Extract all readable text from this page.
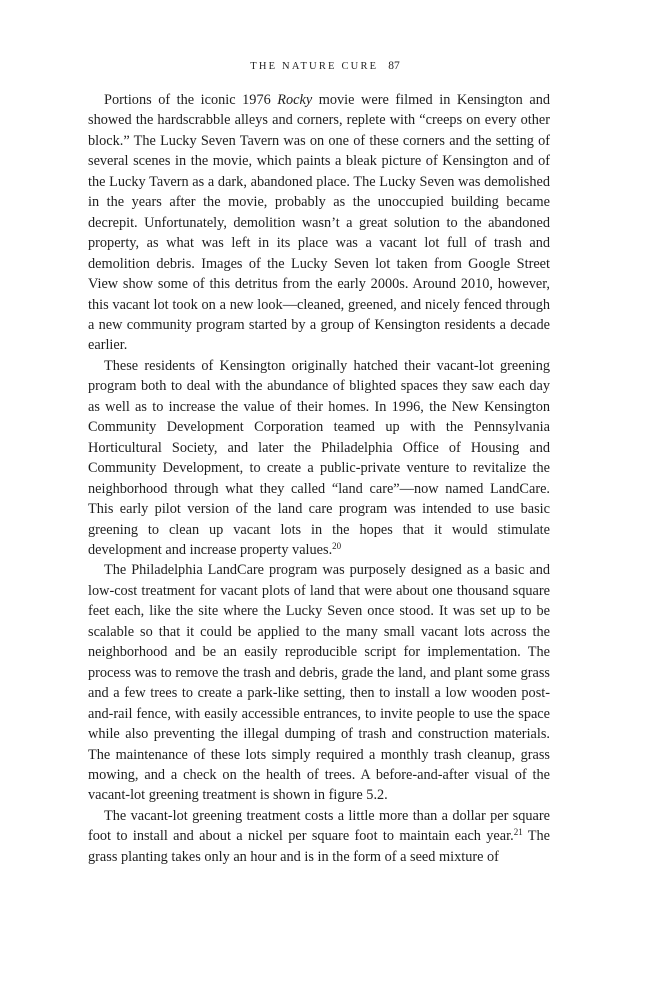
THE NATURE CURE 87

Portions of the iconic 1976 Rocky movie were filmed in Kensington and showed the hardscrabble alleys and corners, replete with “creeps on every other block.” The Lucky Seven Tavern was on one of these corners and the setting of several scenes in the movie, which paints a bleak picture of Kensington and of the Lucky Tavern as a dark, abandoned place. The Lucky Seven was demolished in the years after the movie, probably as the unoccupied building became decrepit. Unfortunately, demolition wasn’t a great solution to the abandoned property, as what was left in its place was a vacant lot full of trash and demolition debris. Images of the Lucky Seven lot taken from Google Street View show some of this detritus from the early 2000s. Around 2010, however, this vacant lot took on a new look—cleaned, greened, and nicely fenced through a new community program started by a group of Kensington residents a decade earlier.

These residents of Kensington originally hatched their vacant-lot greening program both to deal with the abundance of blighted spaces they saw each day as well as to increase the value of their homes. In 1996, the New Kensington Community Development Corporation teamed up with the Pennsylvania Horticultural Society, and later the Philadelphia Office of Housing and Community Development, to create a public-private venture to revitalize the neighborhood through what they called “land care”—now named LandCare. This early pilot version of the land care program was intended to use basic greening to clean up vacant lots in the hopes that it would stimulate development and increase property values.$^{20}$

The Philadelphia LandCare program was purposely designed as a basic and low-cost treatment for vacant plots of land that were about one thousand square feet each, like the site where the Lucky Seven once stood. It was set up to be scalable so that it could be applied to the many small vacant lots across the neighborhood and be an easily reproducible script for implementation. The process was to remove the trash and debris, grade the land, and plant some grass and a few trees to create a park-like setting, then to install a low wooden post-and-rail fence, with easily accessible entrances, to invite people to use the space while also preventing the illegal dumping of trash and construction materials. The maintenance of these lots simply required a monthly trash cleanup, grass mowing, and a check on the health of trees. A before-and-after visual of the vacant-lot greening treatment is shown in figure 5.2.

The vacant-lot greening treatment costs a little more than a dollar per square foot to install and about a nickel per square foot to maintain each year.$^{21}$ The grass planting takes only an hour and is in the form of a seed mixture of
